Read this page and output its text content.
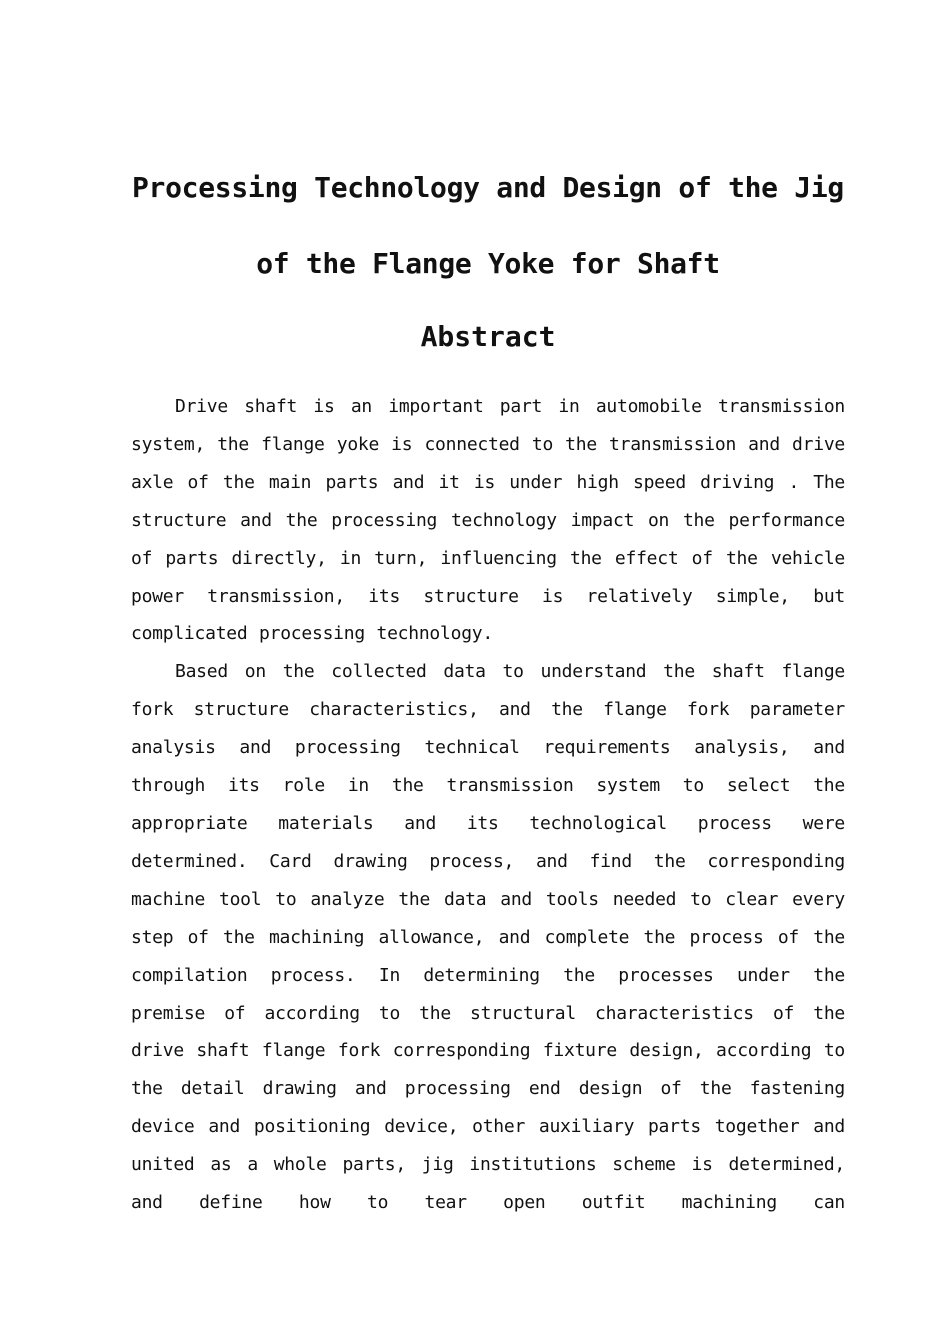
Processing Technology and Design of the Jig
of the Flange Yoke for Shaft
Abstract

Drive shaft is an important part in automobile transmission system, the flange yoke is connected to the transmission and drive axle of the main parts and it is under high speed driving . The structure and the processing technology impact on the performance of parts directly, in turn, influencing the effect of the vehicle power transmission, its structure is relatively simple, but complicated processing technology.

Based on the collected data to understand the shaft flange fork structure characteristics, and the flange fork parameter analysis and processing technical requirements analysis, and through its role in the transmission system to select the appropriate materials and its technological process were determined. Card drawing process, and find the corresponding machine tool to analyze the data and tools needed to clear every step of the machining allowance, and complete the process of the compilation process. In determining the processes under the premise of according to the structural characteristics of the drive shaft flange fork corresponding fixture design, according to the detail drawing and processing end design of the fastening device and positioning device, other auxiliary parts together and united as a whole parts, jig institutions scheme is determined, and define how to tear open outfit machining can
